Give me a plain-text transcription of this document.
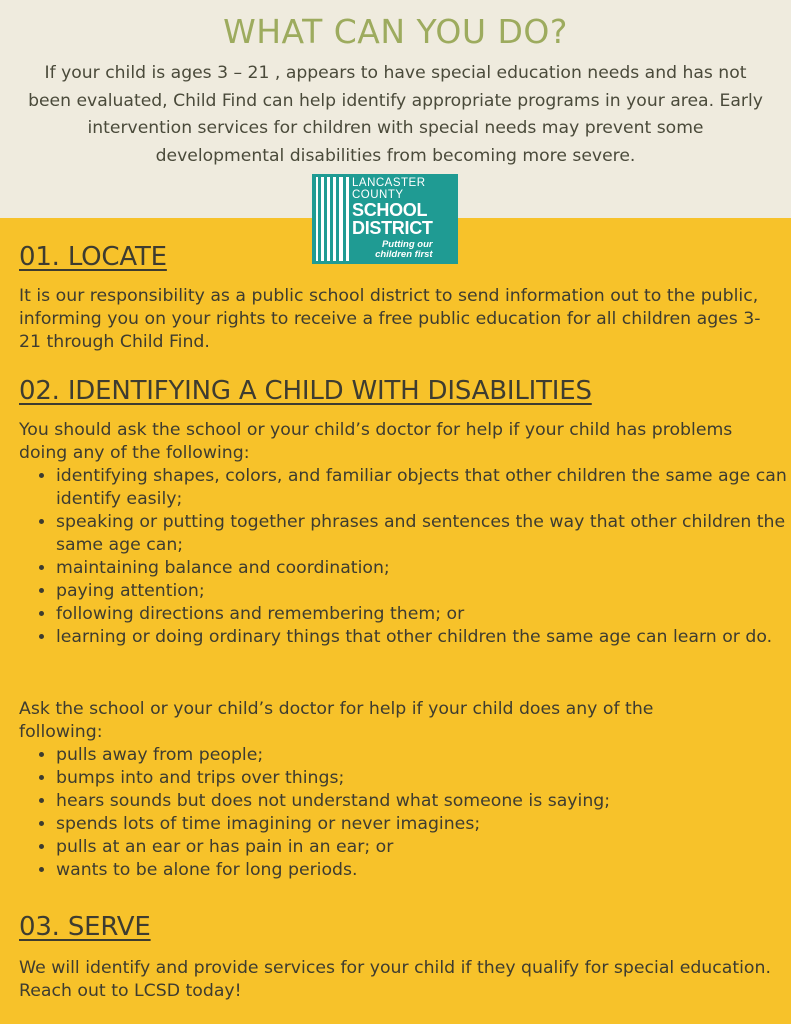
WHAT CAN YOU DO?

If your child is ages 3 – 21 , appears to have special education needs and has not been evaluated, Child Find can help identify appropriate programs in your area. Early intervention services for children with special needs may prevent some developmental disabilities from becoming more severe.

LANCASTER
COUNTY
SCHOOL
DISTRICT
Putting our
children first
01. LOCATE

It is our responsibility as a public school district to send information out to the public, informing you on your rights to receive a free public education for all children ages 3-21 through Child Find.

02. IDENTIFYING A CHILD WITH DISABILITIES

You should ask the school or your child’s doctor for help if your child has problems doing any of the following:

• identifying shapes, colors, and familiar objects that other children the same age can identify easily;
• speaking or putting together phrases and sentences the way that other children the same age can;
• maintaining balance and coordination;
• paying attention;
• following directions and remembering them; or
• learning or doing ordinary things that other children the same age can learn or do.

Ask the school or your child’s doctor for help if your child does any of the following:

• pulls away from people;
• bumps into and trips over things;
• hears sounds but does not understand what someone is saying;
• spends lots of time imagining or never imagines;
• pulls at an ear or has pain in an ear; or
• wants to be alone for long periods.
03. SERVE

We will identify and provide services for your child if they qualify for special education. Reach out to LCSD today!
